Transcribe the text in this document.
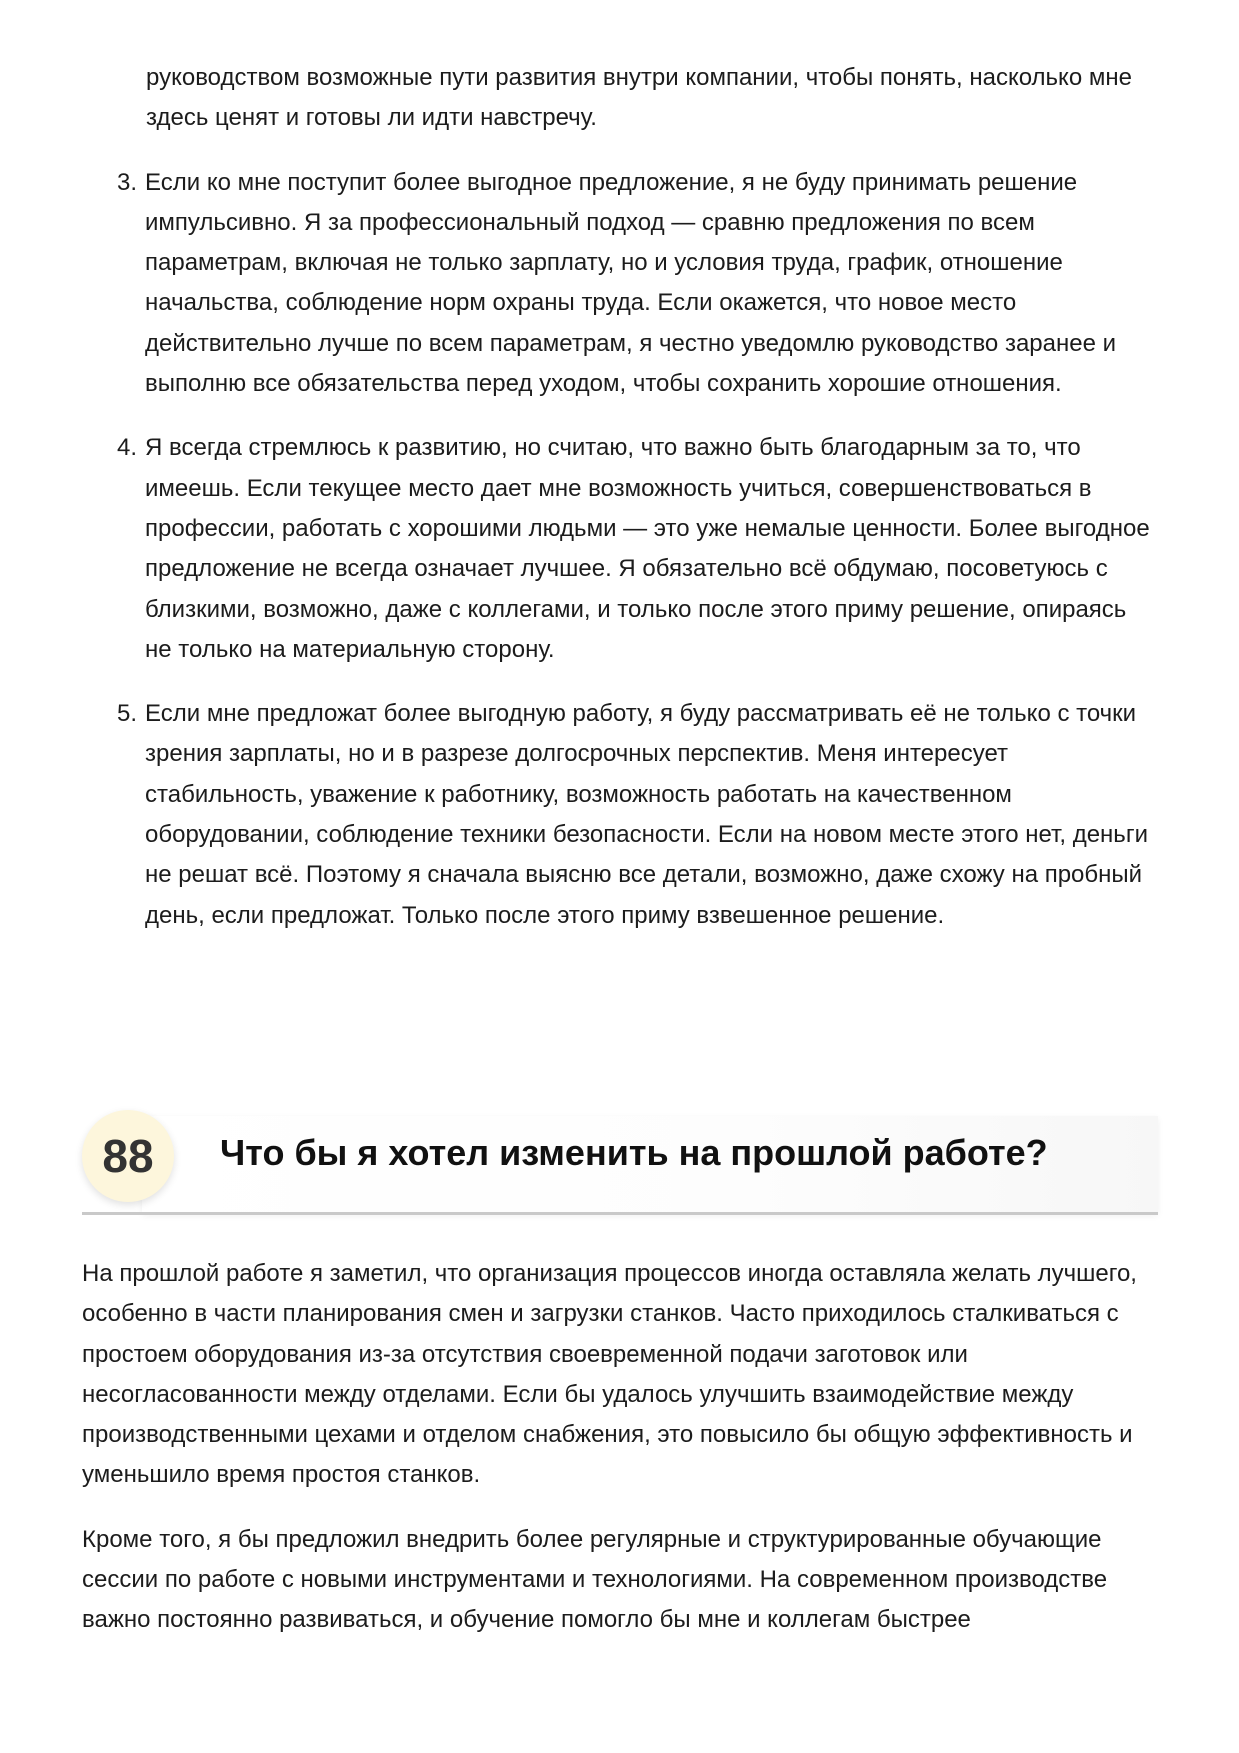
руководством возможные пути развития внутри компании, чтобы понять, насколько мне здесь ценят и готовы ли идти навстречу.
3. Если ко мне поступит более выгодное предложение, я не буду принимать решение импульсивно. Я за профессиональный подход — сравню предложения по всем параметрам, включая не только зарплату, но и условия труда, график, отношение начальства, соблюдение норм охраны труда. Если окажется, что новое место действительно лучше по всем параметрам, я честно уведомлю руководство заранее и выполню все обязательства перед уходом, чтобы сохранить хорошие отношения.
4. Я всегда стремлюсь к развитию, но считаю, что важно быть благодарным за то, что имеешь. Если текущее место дает мне возможность учиться, совершенствоваться в профессии, работать с хорошими людьми — это уже немалые ценности. Более выгодное предложение не всегда означает лучшее. Я обязательно всё обдумаю, посоветуюсь с близкими, возможно, даже с коллегами, и только после этого приму решение, опираясь не только на материальную сторону.
5. Если мне предложат более выгодную работу, я буду рассматривать её не только с точки зрения зарплаты, но и в разрезе долгосрочных перспектив. Меня интересует стабильность, уважение к работнику, возможность работать на качественном оборудовании, соблюдение техники безопасности. Если на новом месте этого нет, деньги не решат всё. Поэтому я сначала выясню все детали, возможно, даже схожу на пробный день, если предложат. Только после этого приму взвешенное решение.
88	Что бы я хотел изменить на прошлой работе?

На прошлой работе я заметил, что организация процессов иногда оставляла желать лучшего, особенно в части планирования смен и загрузки станков. Часто приходилось сталкиваться с простоем оборудования из-за отсутствия своевременной подачи заготовок или несогласованности между отделами. Если бы удалось улучшить взаимодействие между производственными цехами и отделом снабжения, это повысило бы общую эффективность и уменьшило время простоя станков.

Кроме того, я бы предложил внедрить более регулярные и структурированные обучающие сессии по работе с новыми инструментами и технологиями. На современном производстве важно постоянно развиваться, и обучение помогло бы мне и коллегам быстрее
